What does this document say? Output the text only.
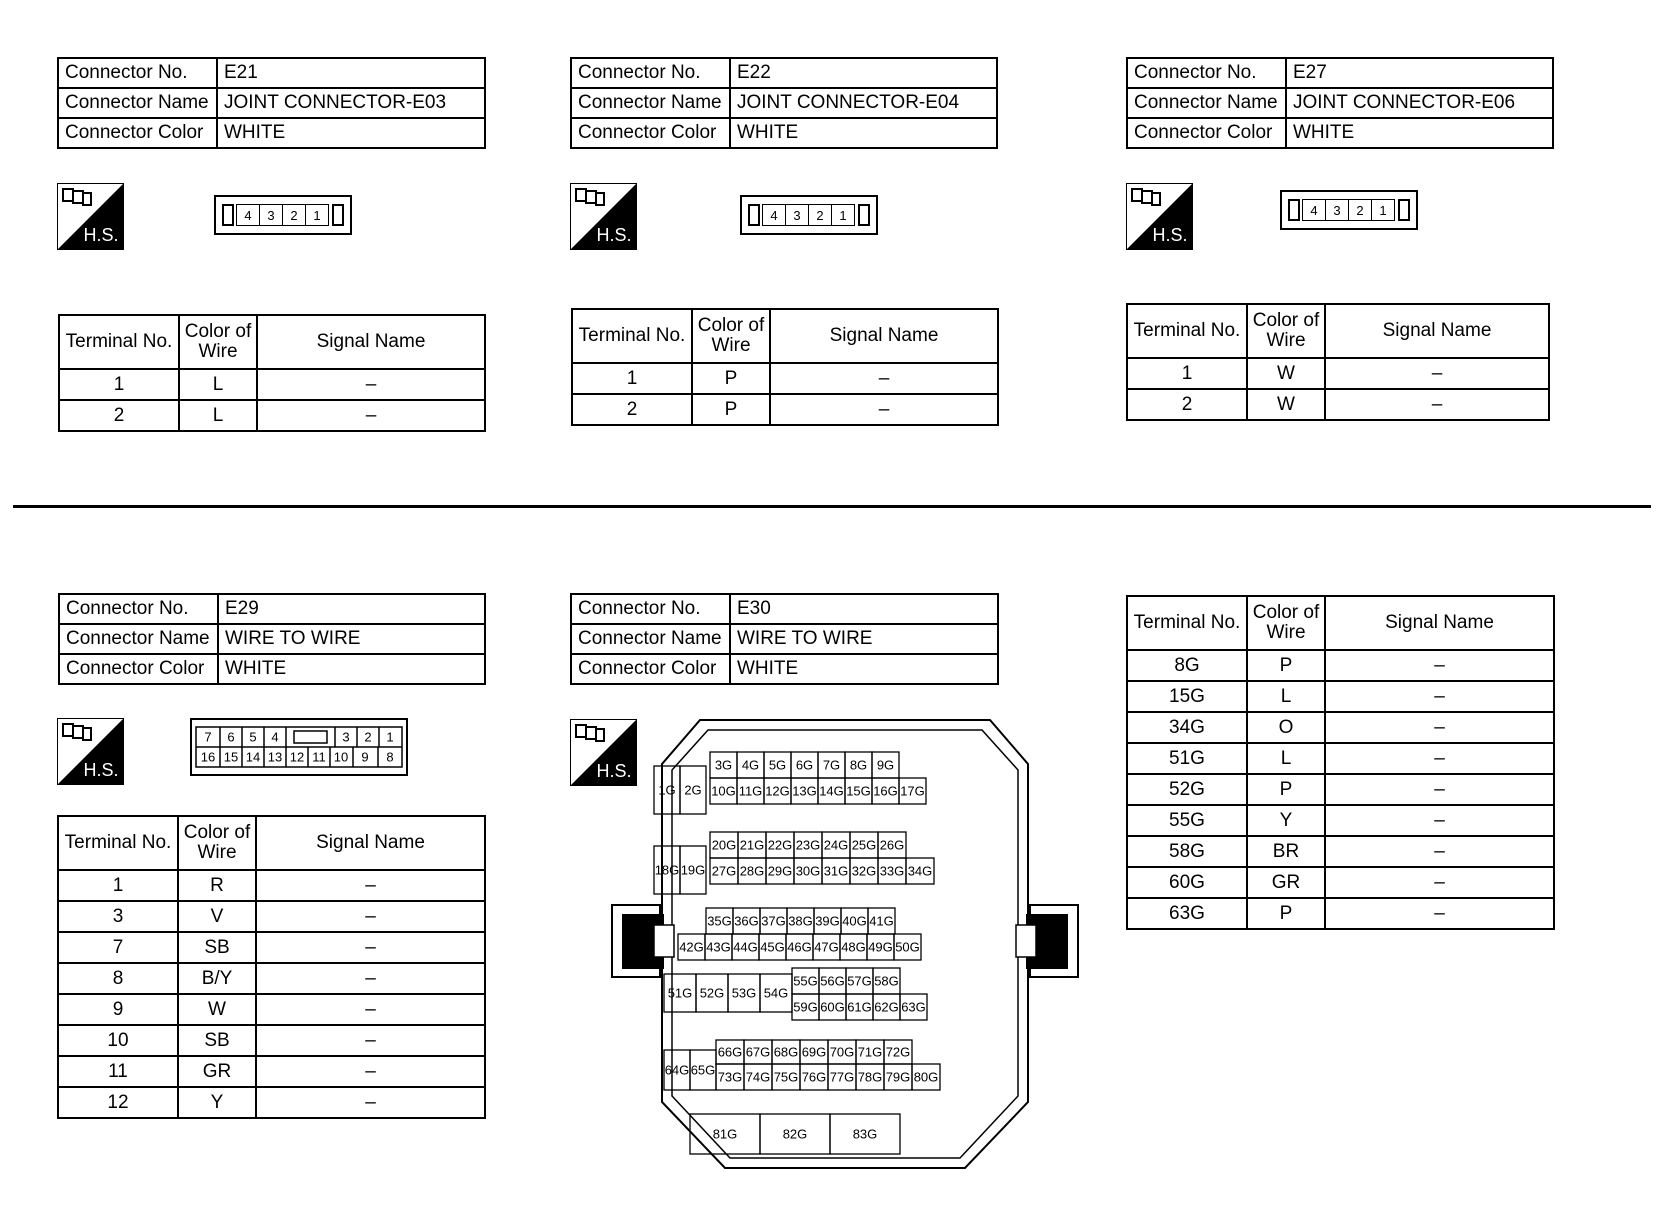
Connector No.	E21
Connector Name	JOINT CONNECTOR-E03
Connector Color	WHITE
H.S.
4	3	2	1
Terminal No.	Color of Wire	Signal Name
1	L	–
2	L	–
Connector No.	E22
Connector Name	JOINT CONNECTOR-E04
Connector Color	WHITE
H.S.
4	3	2	1
Terminal No.	Color of Wire	Signal Name
1	P	–
2	P	–
Connector No.	E27
Connector Name	JOINT CONNECTOR-E06
Connector Color	WHITE
H.S.
4	3	2	1
Terminal No.	Color of Wire	Signal Name
1	W	–
2	W	–
Connector No.	E29
Connector Name	WIRE TO WIRE
Connector Color	WHITE
H.S.
7 6 5 4	3 2 1
16 15 14 13 12 11 10 9 8
Terminal No.	Color of Wire	Signal Name
1	R	–
3	V	–
7	SB	–
8	B/Y	–
9	W	–
10	SB	–
11	GR	–
12	Y	–
Connector No.	E30
Connector Name	WIRE TO WIRE
Connector Color	WHITE
H.S.
1G 2G
3G 4G 5G 6G 7G 8G 9G
10G 11G 12G 13G 14G 15G 16G 17G
18G 19G
20G 21G 22G 23G 24G 25G 26G
27G 28G 29G 30G 31G 32G 33G 34G
35G 36G 37G 38G 39G 40G 41G
42G 43G 44G 45G 46G 47G 48G 49G 50G
51G 52G 53G 54G
55G 56G 57G 58G
59G 60G 61G 62G 63G
64G 65G
66G 67G 68G 69G 70G 71G 72G
73G 74G 75G 76G 77G 78G 79G 80G
81G	82G	83G
Terminal No.	Color of Wire	Signal Name
8G	P	–
15G	L	–
34G	O	–
51G	L	–
52G	P	–
55G	Y	–
58G	BR	–
60G	GR	–
63G	P	–
